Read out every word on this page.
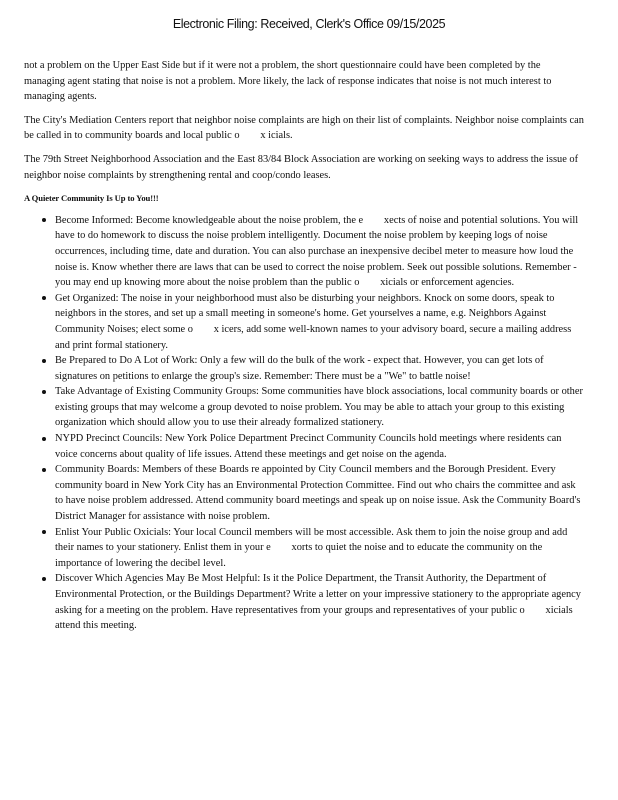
Electronic Filing: Received, Clerk's Office 09/15/2025

not a problem on the Upper East Side but if it were not a problem, the short questionnaire could have been completed by the managing agent stating that noise is not a problem. More likely, the lack of response indicates that noise is not much interest to managing agents.

The City's Mediation Centers report that neighbor noise complaints are high on their list of complaints. Neighbor noise complaints can be called in to community boards and local public o  x icials.

The 79th Street Neighborhood Association and the East 83/84 Block Association are working on seeking ways to address the issue of neighbor noise complaints by strengthening rental and coop/condo leases.

A Quieter Community Is Up to You!!!
Become Informed: Become knowledgeable about the noise problem, the e  xects of noise and potential solutions. You will have to do homework to discuss the noise problem intelligently. Document the noise problem by keeping logs of noise occurrences, including time, date and duration. You can also purchase an inexpensive decibel meter to measure how loud the noise is. Know whether there are laws that can be used to correct the noise problem. Seek out possible solutions. Remember - you may end up knowing more about the noise problem than the public o  xicials or enforcement agencies.
Get Organized: The noise in your neighborhood must also be disturbing your neighbors. Knock on some doors, speak to neighbors in the stores, and set up a small meeting in someone's home. Get yourselves a name, e.g. Neighbors Against Community Noises; elect some o  x icers, add some well-known names to your advisory board, secure a mailing address and print formal stationery.
Be Prepared to Do A Lot of Work: Only a few will do the bulk of the work - expect that. However, you can get lots of signatures on petitions to enlarge the group's size. Remember: There must be a "We" to battle noise!
Take Advantage of Existing Community Groups: Some communities have block associations, local community boards or other existing groups that may welcome a group devoted to noise problem. You may be able to attach your group to this existing organization which should allow you to use their already formalized stationery.
NYPD Precinct Councils: New York Police Department Precinct Community Councils hold meetings where residents can voice concerns about quality of life issues. Attend these meetings and get noise on the agenda.
Community Boards: Members of these Boards re appointed by City Council members and the Borough President. Every community board in New York City has an Environmental Protection Committee. Find out who chairs the committee and ask to have noise problem addressed. Attend community board meetings and speak up on noise issue. Ask the Community Board's District Manager for assistance with noise problem.
Enlist Your Public Oxicials: Your local Council members will be most accessible. Ask them to join the noise group and add their names to your stationery. Enlist them in your e  xorts to quiet the noise and to educate the community on the importance of lowering the decibel level.
Discover Which Agencies May Be Most Helpful: Is it the Police Department, the Transit Authority, the Department of Environmental Protection, or the Buildings Department? Write a letter on your impressive stationery to the appropriate agency asking for a meeting on the problem. Have representatives from your groups and representatives of your public o  xicials attend this meeting.
